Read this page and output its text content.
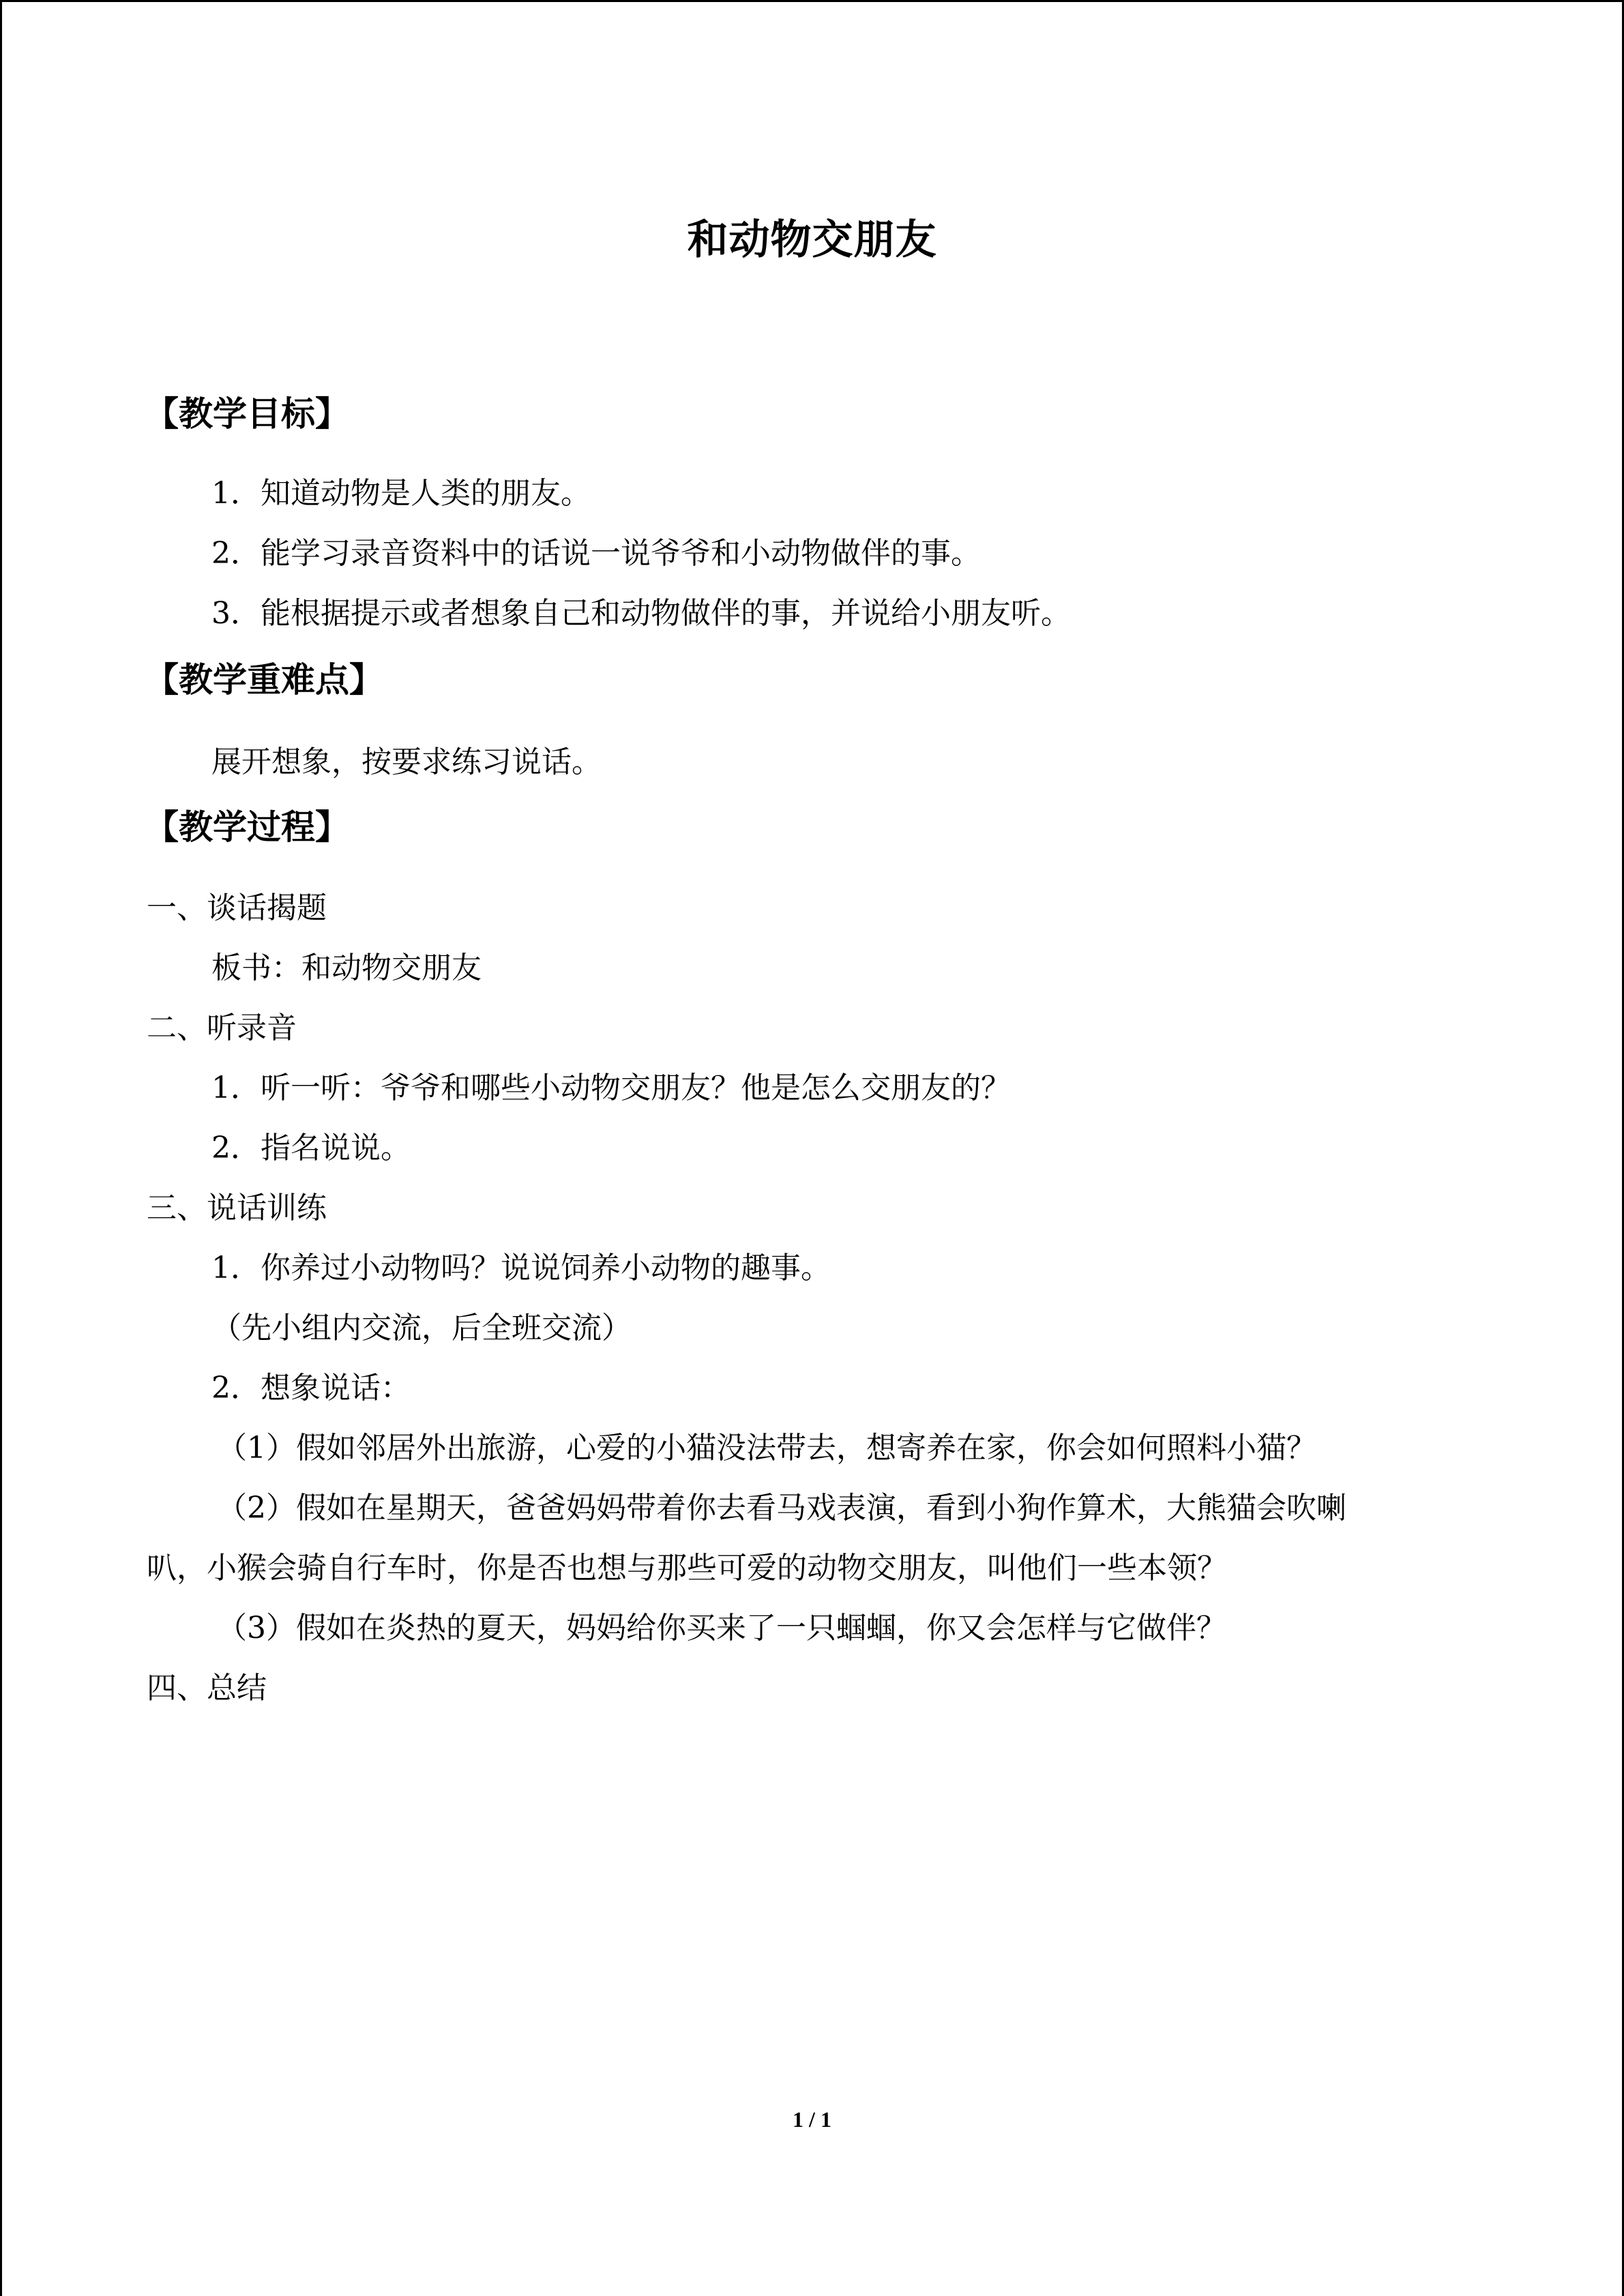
和动物交朋友
【教学目标】
1．知道动物是人类的朋友。
2．能学习录音资料中的话说一说爷爷和小动物做伴的事。
3．能根据提示或者想象自己和动物做伴的事，并说给小朋友听。
【教学重难点】
展开想象，按要求练习说话。
【教学过程】
一、谈话揭题
板书：和动物交朋友
二、听录音
1．听一听：爷爷和哪些小动物交朋友？他是怎么交朋友的？
2．指名说说。
三、说话训练
1．你养过小动物吗？说说饲养小动物的趣事。
（先小组内交流，后全班交流）
2．想象说话：
（1）假如邻居外出旅游，心爱的小猫没法带去，想寄养在家，你会如何照料小猫？
（2）假如在星期天，爸爸妈妈带着你去看马戏表演，看到小狗作算术，大熊猫会吹喇
叭，小猴会骑自行车时，你是否也想与那些可爱的动物交朋友，叫他们一些本领？
（3）假如在炎热的夏天，妈妈给你买来了一只蝈蝈，你又会怎样与它做伴？
四、总结
1 / 1
